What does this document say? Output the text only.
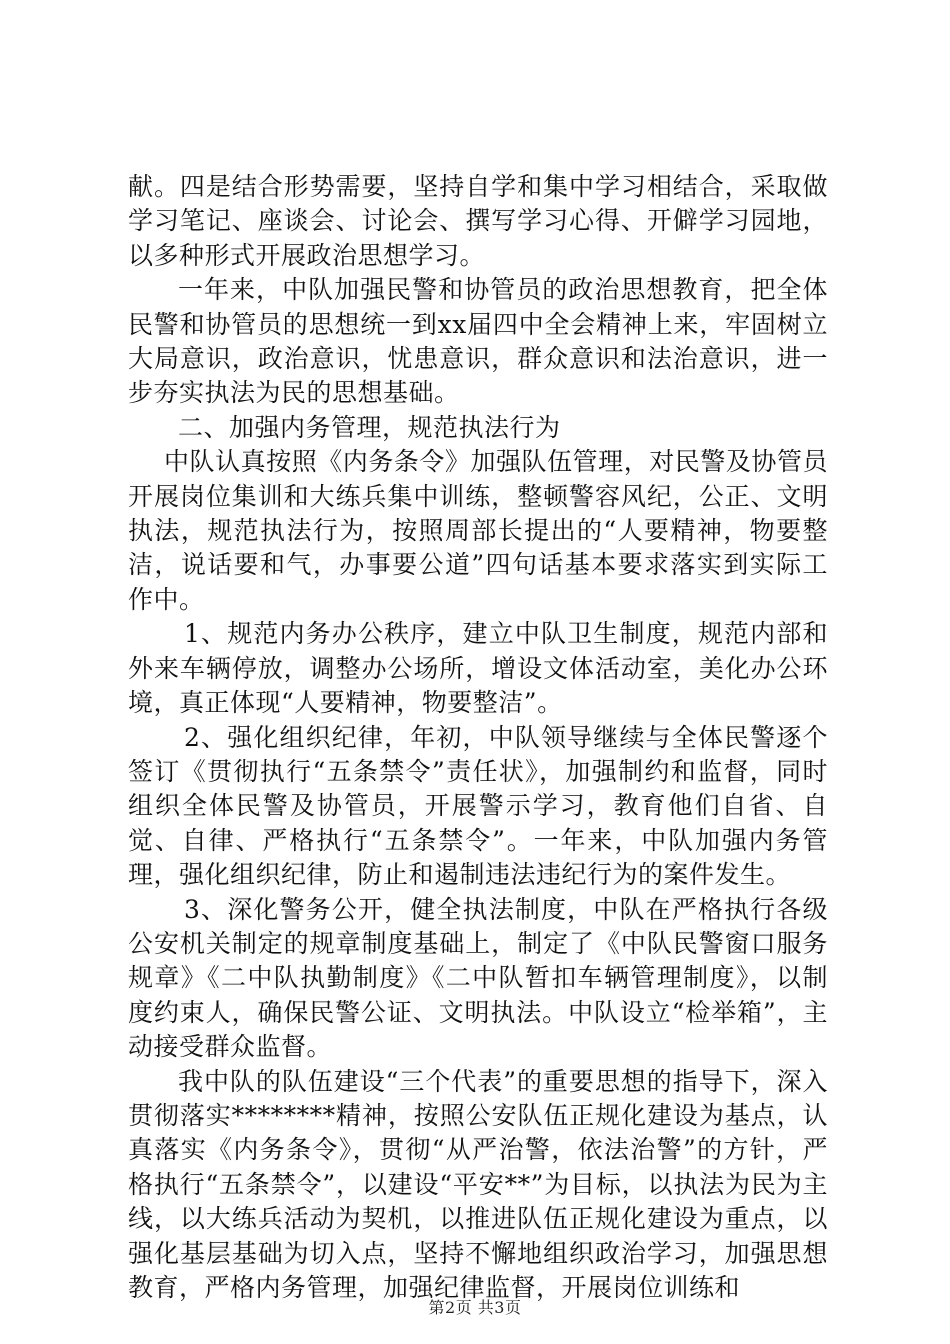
献。四是结合形势需要，坚持自学和集中学习相结合，采取做学习笔记、座谈会、讨论会、撰写学习心得、开僻学习园地，以多种形式开展政治思想学习。

一年来，中队加强民警和协管员的政治思想教育，把全体民警和协管员的思想统一到xx届四中全会精神上来，牢固树立大局意识，政治意识，忧患意识，群众意识和法治意识，进一步夯实执法为民的思想基础。

二、加强内务管理，规范执法行为

中队认真按照《内务条令》加强队伍管理，对民警及协管员开展岗位集训和大练兵集中训练，整顿警容风纪，公正、文明执法，规范执法行为，按照周部长提出的“人要精神，物要整洁，说话要和气，办事要公道”四句话基本要求落实到实际工作中。

1、规范内务办公秩序，建立中队卫生制度，规范内部和外来车辆停放，调整办公场所，增设文体活动室，美化办公环境，真正体现“人要精神，物要整洁”。

2、强化组织纪律，年初，中队领导继续与全体民警逐个签订《贯彻执行“五条禁令”责任状》，加强制约和监督，同时组织全体民警及协管员，开展警示学习，教育他们自省、自觉、自律、严格执行“五条禁令”。一年来，中队加强内务管理，强化组织纪律，防止和遏制违法违纪行为的案件发生。

3、深化警务公开，健全执法制度，中队在严格执行各级公安机关制定的规章制度基础上，制定了《中队民警窗口服务规章》《二中队执勤制度》《二中队暂扣车辆管理制度》，以制度约束人，确保民警公证、文明执法。中队设立“检举箱”，主动接受群众监督。

我中队的队伍建设“三个代表”的重要思想的指导下，深入贯彻落实********精神，按照公安队伍正规化建设为基点，认真落实《内务条令》，贯彻“从严治警，依法治警”的方针，严格执行“五条禁令”，以建设“平安**”为目标，以执法为民为主线，以大练兵活动为契机，以推进队伍正规化建设为重点，以强化基层基础为切入点，坚持不懈地组织政治学习，加强思想教育，严格内务管理，加强纪律监督，开展岗位训练和

第2页 共3页
